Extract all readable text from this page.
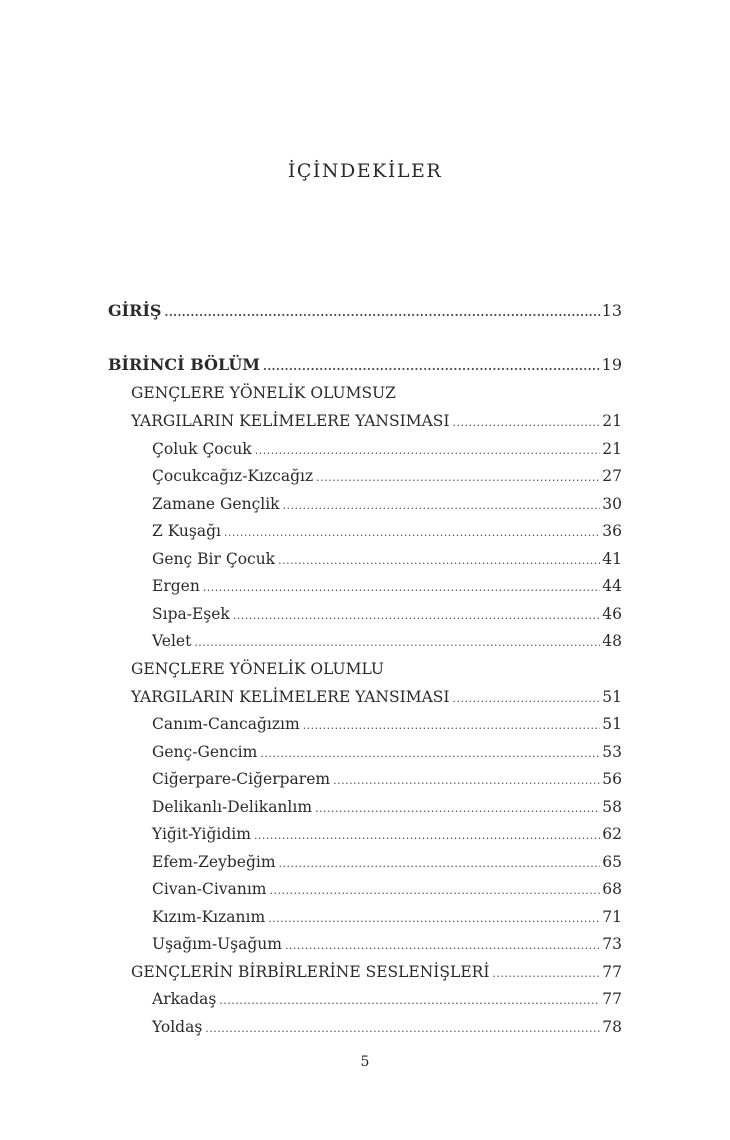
İÇİNDEKİLER
GİRİŞ .....	13
BİRİNCİ BÖLÜM .....	19
GENÇLERE YÖNELİK OLUMSUZ
YARGILARIN KELİMELERE YANSIMASI .....	21
Çoluk Çocuk .....	21
Çocukcağız-Kızcağız .....	27
Zamane Gençlik .....	30
Z Kuşağı .....	36
Genç Bir Çocuk .....	41
Ergen .....	44
Sıpa-Eşek .....	46
Velet .....	48
GENÇLERE YÖNELİK OLUMLU
YARGILARIN KELİMELERE YANSIMASI .....	51
Canım-Cancağızım .....	51
Genç-Gencim .....	53
Ciğerpare-Ciğerparem .....	56
Delikanlı-Delikanlım .....	58
Yiğit-Yiğidim .....	62
Efem-Zeybeğim .....	65
Civan-Civanım .....	68
Kızım-Kızanım .....	71
Uşağım-Uşağum .....	73
GENÇLERİN BİRBİRLERİNE SESLENİŞLERİ .....	77
Arkadaş .....	77
Yoldaş .....	78
5
